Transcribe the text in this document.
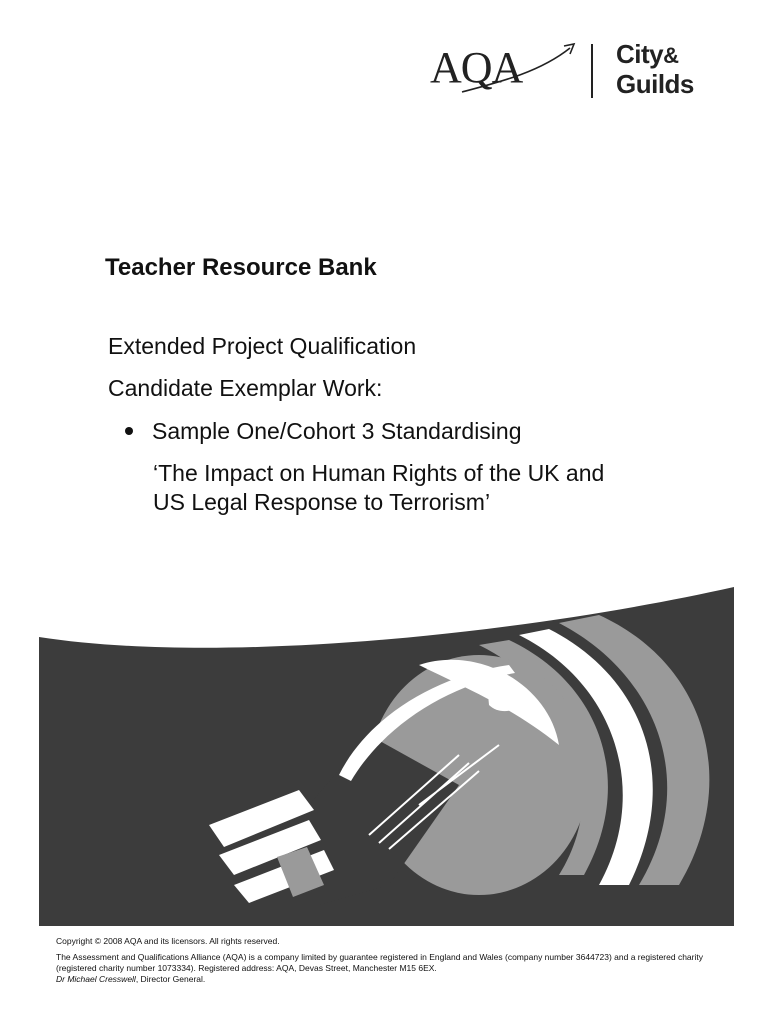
AQA	City&
Guilds
Teacher Resource Bank

Extended Project Qualification

Candidate Exemplar Work:

Sample One/Cohort 3 Standardising

‘The Impact on Human Rights of the UK and
US Legal Response to Terrorism’

Copyright © 2008 AQA and its licensors. All rights reserved.

The Assessment and Qualifications Alliance (AQA) is a company limited by guarantee registered in England and Wales (company number 3644723) and a registered charity (registered charity number 1073334). Registered address: AQA, Devas Street, Manchester M15 6EX.

Dr Michael Cresswell, Director General.
